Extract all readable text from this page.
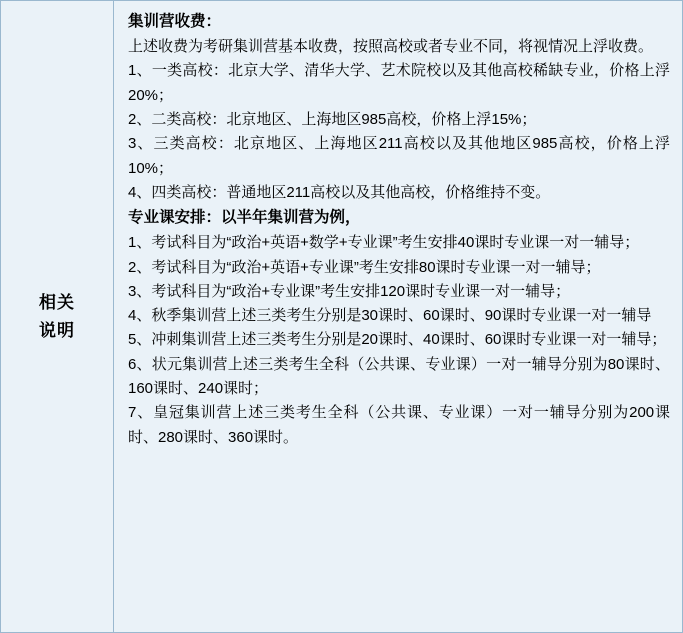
相关
说明

集训营收费：

上述收费为考研集训营基本收费，按照高校或者专业不同，将视情况上浮收费。

1、一类高校：北京大学、清华大学、艺术院校以及其他高校稀缺专业，价格上浮20%；

2、二类高校：北京地区、上海地区985高校，价格上浮15%；

3、三类高校：北京地区、上海地区211高校以及其他地区985高校，价格上浮10%；

4、四类高校：普通地区211高校以及其他高校，价格维持不变。

专业课安排：以半年集训营为例，

1、考试科目为“政治+英语+数学+专业课”考生安排40课时专业课一对一辅导；

2、考试科目为“政治+英语+专业课”考生安排80课时专业课一对一辅导；

3、考试科目为“政治+专业课”考生安排120课时专业课一对一辅导；

4、秋季集训营上述三类考生分别是30课时、60课时、90课时专业课一对一辅导

5、冲刺集训营上述三类考生分别是20课时、40课时、60课时专业课一对一辅导；

6、状元集训营上述三类考生全科（公共课、专业课）一对一辅导分别为80课时、160课时、240课时；

7、皇冠集训营上述三类考生全科（公共课、专业课）一对一辅导分别为200课时、280课时、360课时。
